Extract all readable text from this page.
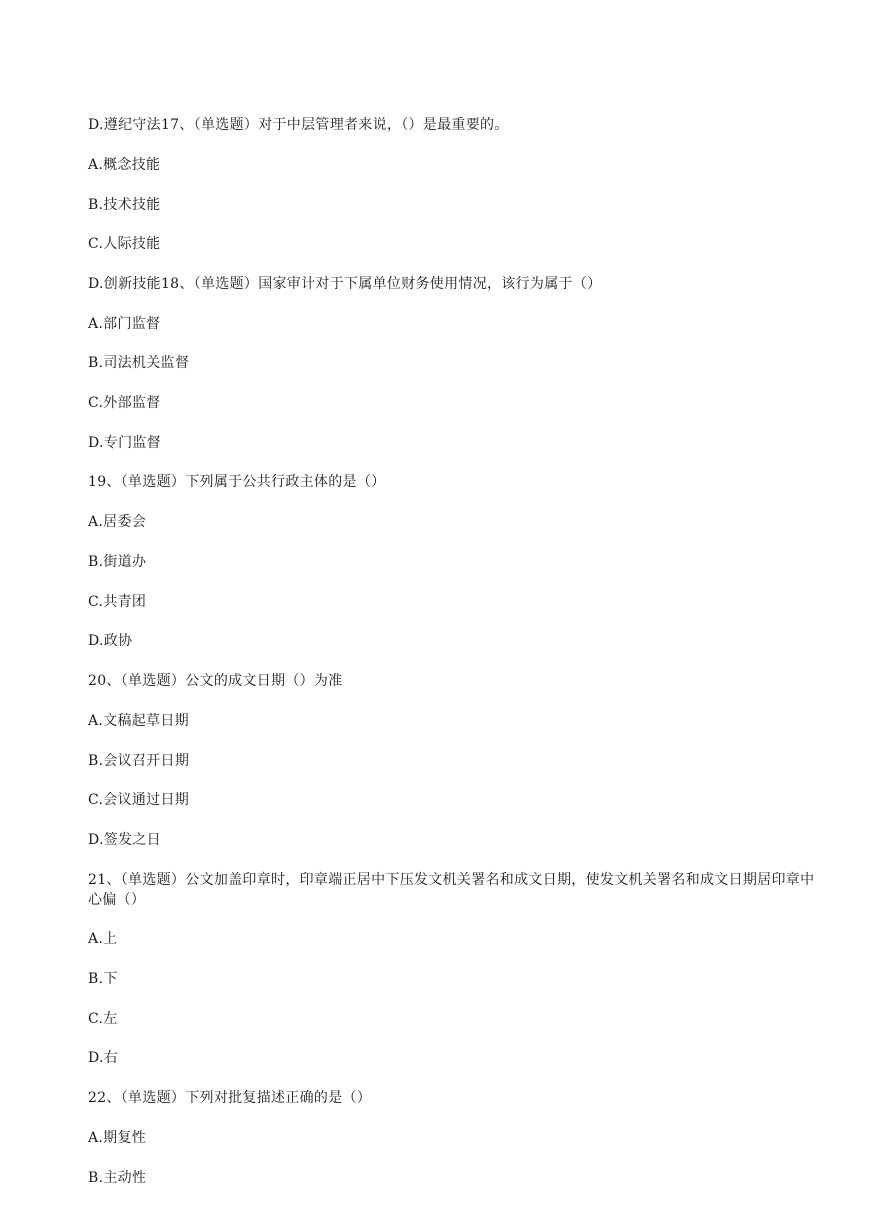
D.遵纪守法17、（单选题）对于中层管理者来说，（）是最重要的。
A.概念技能
B.技术技能
C.人际技能
D.创新技能18、（单选题）国家审计对于下属单位财务使用情况，该行为属于（）
A.部门监督
B.司法机关监督
C.外部监督
D.专门监督
19、（单选题）下列属于公共行政主体的是（）
A.居委会
B.街道办
C.共青团
D.政协
20、（单选题）公文的成文日期（）为准
A.文稿起草日期
B.会议召开日期
C.会议通过日期
D.签发之日
21、（单选题）公文加盖印章时，印章端正居中下压发文机关署名和成文日期，使发文机关署名和成文日期居印章中心偏（）
A.上
B.下
C.左
D.右
22、（单选题）下列对批复描述正确的是（）
A.期复性
B.主动性
